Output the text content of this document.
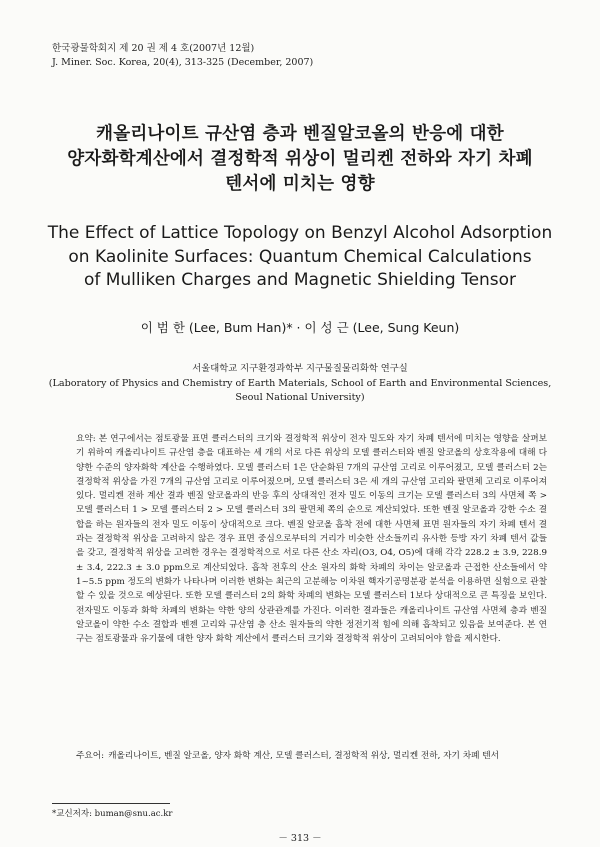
한국광물학회지 제 20 권 제 4 호(2007년 12월)
J. Miner. Soc. Korea, 20(4), 313-325 (December, 2007)
캐올리나이트 규산염 층과 벤질알코올의 반응에 대한
양자화학계산에서 결정학적 위상이 멀리켄 전하와 자기 차폐
텐서에 미치는 영향
The Effect of Lattice Topology on Benzyl Alcohol Adsorption
on Kaolinite Surfaces: Quantum Chemical Calculations
of Mulliken Charges and Magnetic Shielding Tensor
이 범 한 (Lee, Bum Han)* · 이 성 근 (Lee, Sung Keun)
서울대학교 지구환경과학부 지구물질물리화학 연구실
(Laboratory of Physics and Chemistry of Earth Materials, School of Earth and Environmental Sciences, Seoul National University)

요약: 본 연구에서는 점토광물 표면 클러스터의 크기와 결정학적 위상이 전자 밀도와 자기 차폐 텐서에 미치는 영향을 살펴보기 위하여 캐올리나이트 규산염 층을 대표하는 세 개의 서로 다른 위상의 모델 클러스터와 벤질 알코올의 상호작용에 대해 다양한 수준의 양자화학 계산을 수행하였다. 모델 클러스터 1은 단순화된 7개의 규산염 고리로 이루어졌고, 모델 클러스터 2는 결정학적 위상을 가진 7개의 규산염 고리로 이루어졌으며, 모델 클러스터 3은 세 개의 규산염 고리와 팔면체 고리로 이루어져 있다. 멀리켄 전하 계산 결과 벤질 알코올과의 반응 후의 상대적인 전자 밀도 이동의 크기는 모델 클러스터 3의 사면체 쪽 > 모델 클러스터 1 > 모델 클러스터 2 > 모델 클러스터 3의 팔면체 쪽의 순으로 계산되었다. 또한 벤질 알코올과 강한 수소 결합을 하는 원자들의 전자 밀도 이동이 상대적으로 크다. 벤질 알코올 흡착 전에 대한 사면체 표면 원자들의 자기 차폐 텐서 결과는 결정학적 위상을 고려하지 않은 경우 표면 중심으로부터의 거리가 비슷한 산소들끼리 유사한 등방 자기 차폐 텐서 값들을 갖고, 결정학적 위상을 고려한 경우는 결정학적으로 서로 다른 산소 자리(O3, O4, O5)에 대해 각각 228.2 ± 3.9, 228.9 ± 3.4, 222.3 ± 3.0 ppm으로 계산되었다. 흡착 전후의 산소 원자의 화학 차폐의 차이는 알코올과 근접한 산소들에서 약 1~5.5 ppm 정도의 변화가 나타나며 이러한 변화는 최근의 고분해능 이차원 핵자기공명분광 분석을 이용하면 실험으로 관찰할 수 있을 것으로 예상된다. 또한 모델 클러스터 2의 화학 차폐의 변화는 모델 클러스터 1보다 상대적으로 큰 특징을 보인다. 전자밀도 이동과 화학 차폐의 변화는 약한 양의 상관관계를 가진다. 이러한 결과들은 캐올리나이트 규산염 사면체 층과 벤질 알코올이 약한 수소 결합과 벤젠 고리와 규산염 층 산소 원자들의 약한 정전기적 힘에 의해 흡착되고 있음을 보여준다. 본 연구는 점토광물과 유기물에 대한 양자 화학 계산에서 클러스터 크기와 결정학적 위상이 고려되어야 함을 제시한다.

주요어: 캐올리나이트, 벤질 알코올, 양자 화학 계산, 모델 클러스터, 결정학적 위상, 멀리켄 전하, 자기 차폐 텐서
*교신저자: buman@snu.ac.kr
－ 313 －
